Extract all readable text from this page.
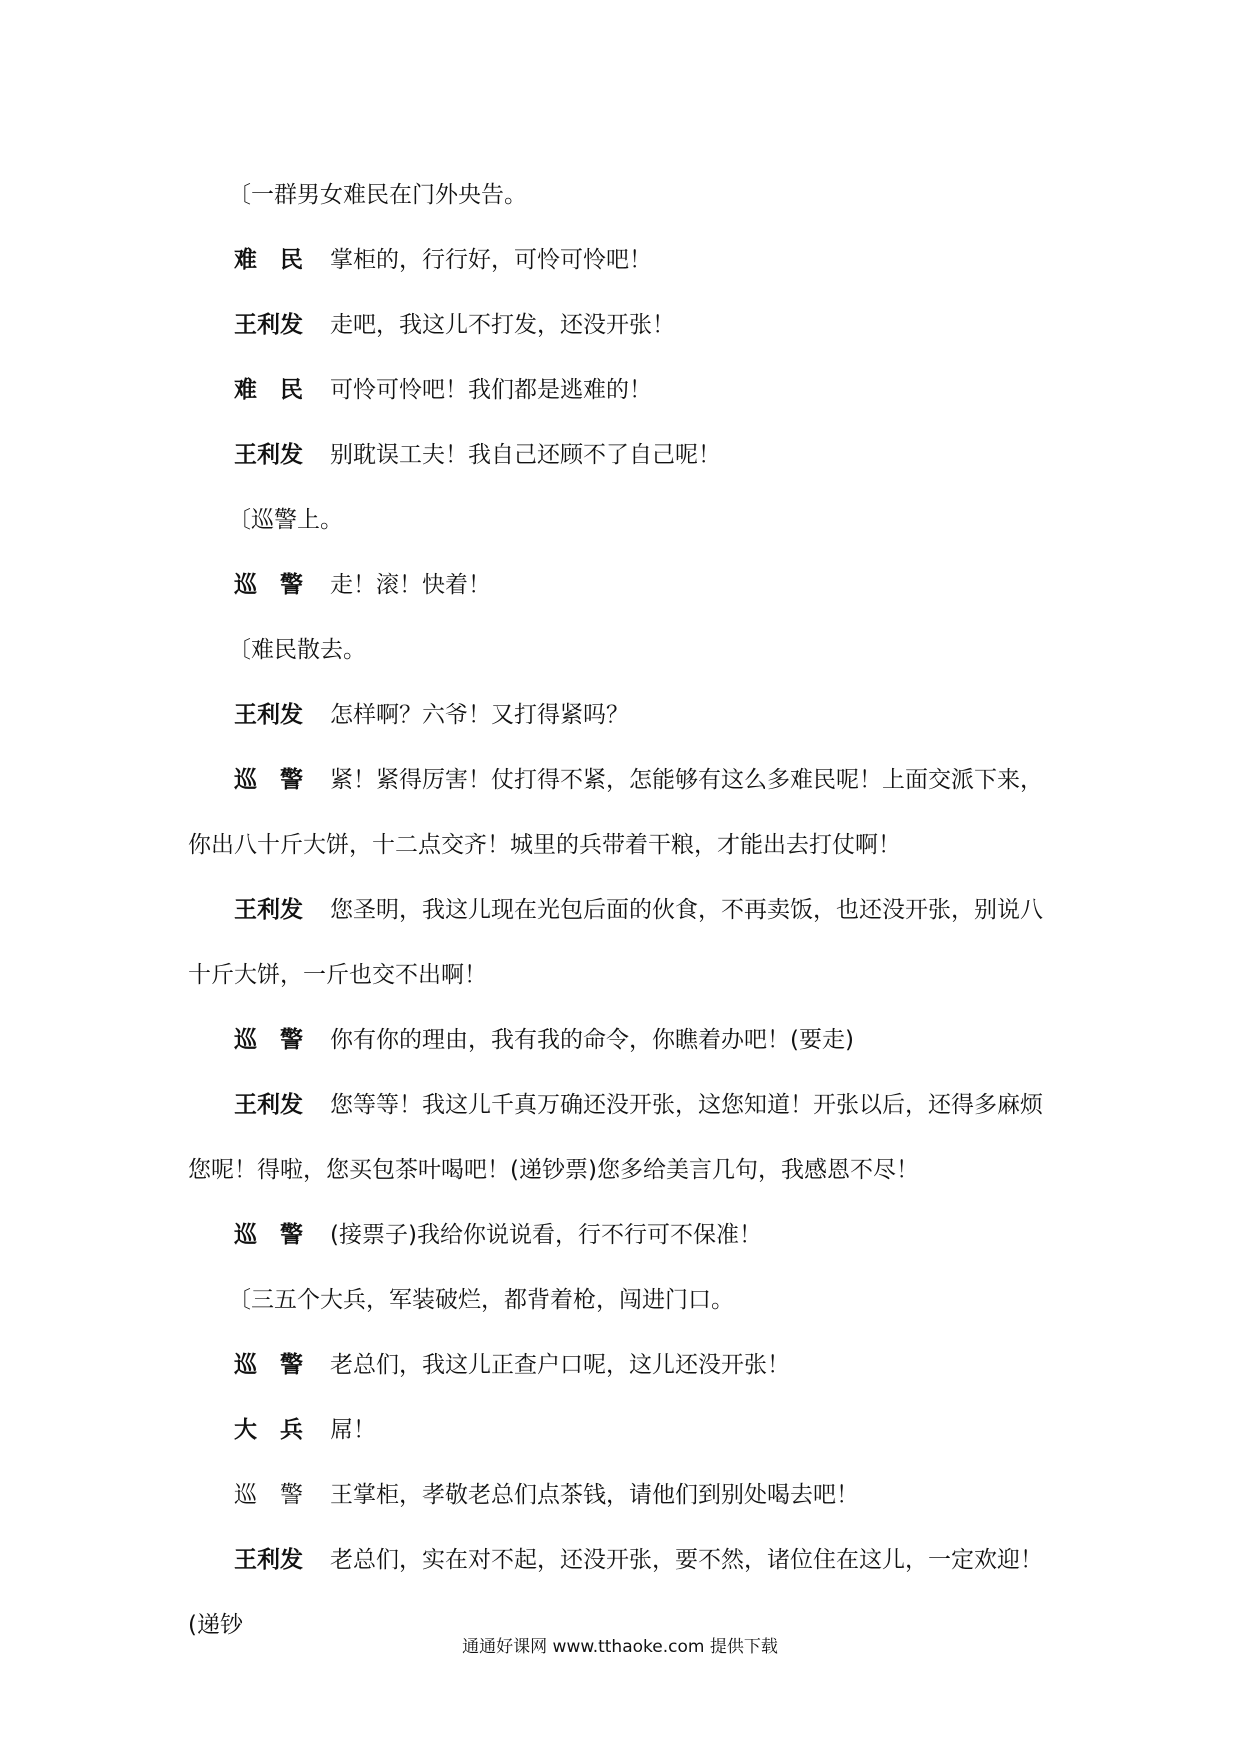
〔一群男女难民在门外央告。

难　民 掌柜的，行行好，可怜可怜吧！

王利发 走吧，我这儿不打发，还没开张！

难　民 可怜可怜吧！我们都是逃难的！

王利发 别耽误工夫！我自己还顾不了自己呢！

〔巡警上。

巡　警 走！滚！快着！

〔难民散去。

王利发 怎样啊？六爷！又打得紧吗？

巡　警 紧！紧得厉害！仗打得不紧，怎能够有这么多难民呢！上面交派下来，你出八十斤大饼，十二点交齐！城里的兵带着干粮，才能出去打仗啊！

王利发 您圣明，我这儿现在光包后面的伙食，不再卖饭，也还没开张，别说八十斤大饼，一斤也交不出啊！

巡　警 你有你的理由，我有我的命令，你瞧着办吧！(要走)

王利发 您等等！我这儿千真万确还没开张，这您知道！开张以后，还得多麻烦您呢！得啦，您买包茶叶喝吧！(递钞票)您多给美言几句，我感恩不尽！

巡　警 (接票子)我给你说说看，行不行可不保准！

〔三五个大兵，军装破烂，都背着枪，闯进门口。

巡　警 老总们，我这儿正查户口呢，这儿还没开张！

大　兵 屌！

巡　警 王掌柜，孝敬老总们点茶钱，请他们到别处喝去吧！

王利发 老总们，实在对不起，还没开张，要不然，诸位住在这儿，一定欢迎！(递钞

通通好课网 www.tthaoke.com 提供下载
